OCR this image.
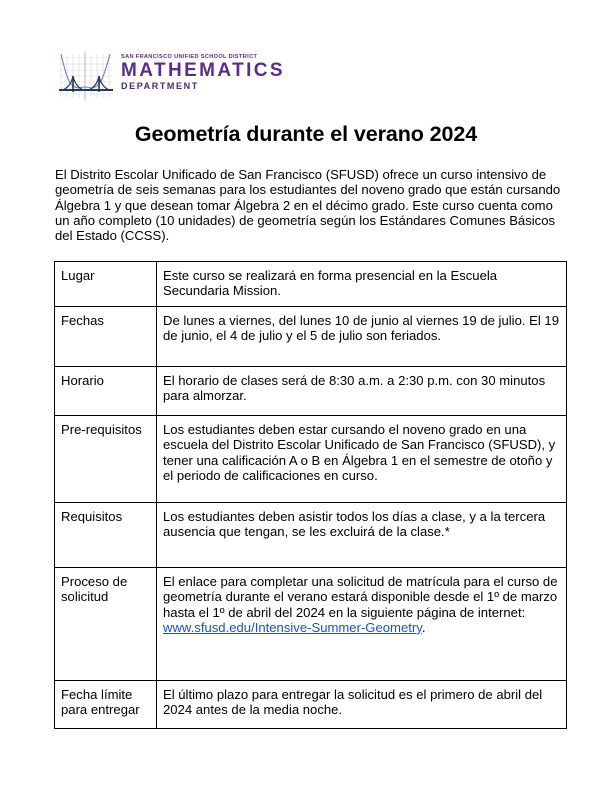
SAN FRANCISCO UNIFIED SCHOOL DISTRICT
MATHEMATICS
DEPARTMENT
Geometría durante el verano 2024

El Distrito Escolar Unificado de San Francisco (SFUSD) ofrece un curso intensivo de geometría de seis semanas para los estudiantes del noveno grado que están cursando Álgebra 1 y que desean tomar Álgebra 2 en el décimo grado. Este curso cuenta como un año completo (10 unidades) de geometría según los Estándares Comunes Básicos del Estado (CCSS).

Lugar	Este curso se realizará en forma presencial en la Escuela Secundaria Mission.
Fechas	De lunes a viernes, del lunes 10 de junio al viernes 19 de julio. El 19 de junio, el 4 de julio y el 5 de julio son feriados.
Horario	El horario de clases será de 8:30 a.m. a 2:30 p.m. con 30 minutos para almorzar.
Pre-requisitos	Los estudiantes deben estar cursando el noveno grado en una escuela del Distrito Escolar Unificado de San Francisco (SFUSD), y tener una calificación A o B en Álgebra 1 en el semestre de otoño y el periodo de calificaciones en curso.
Requisitos	Los estudiantes deben asistir todos los días a clase, y a la tercera ausencia que tengan, se les excluirá de la clase.*
Proceso de solicitud	El enlace para completar una solicitud de matrícula para el curso de geometría durante el verano estará disponible desde el 1º de marzo hasta el 1º de abril del 2024 en la siguiente página de internet: www.sfusd.edu/Intensive-Summer-Geometry.
Fecha límite para entregar	El último plazo para entregar la solicitud es el primero de abril del 2024 antes de la media noche.
